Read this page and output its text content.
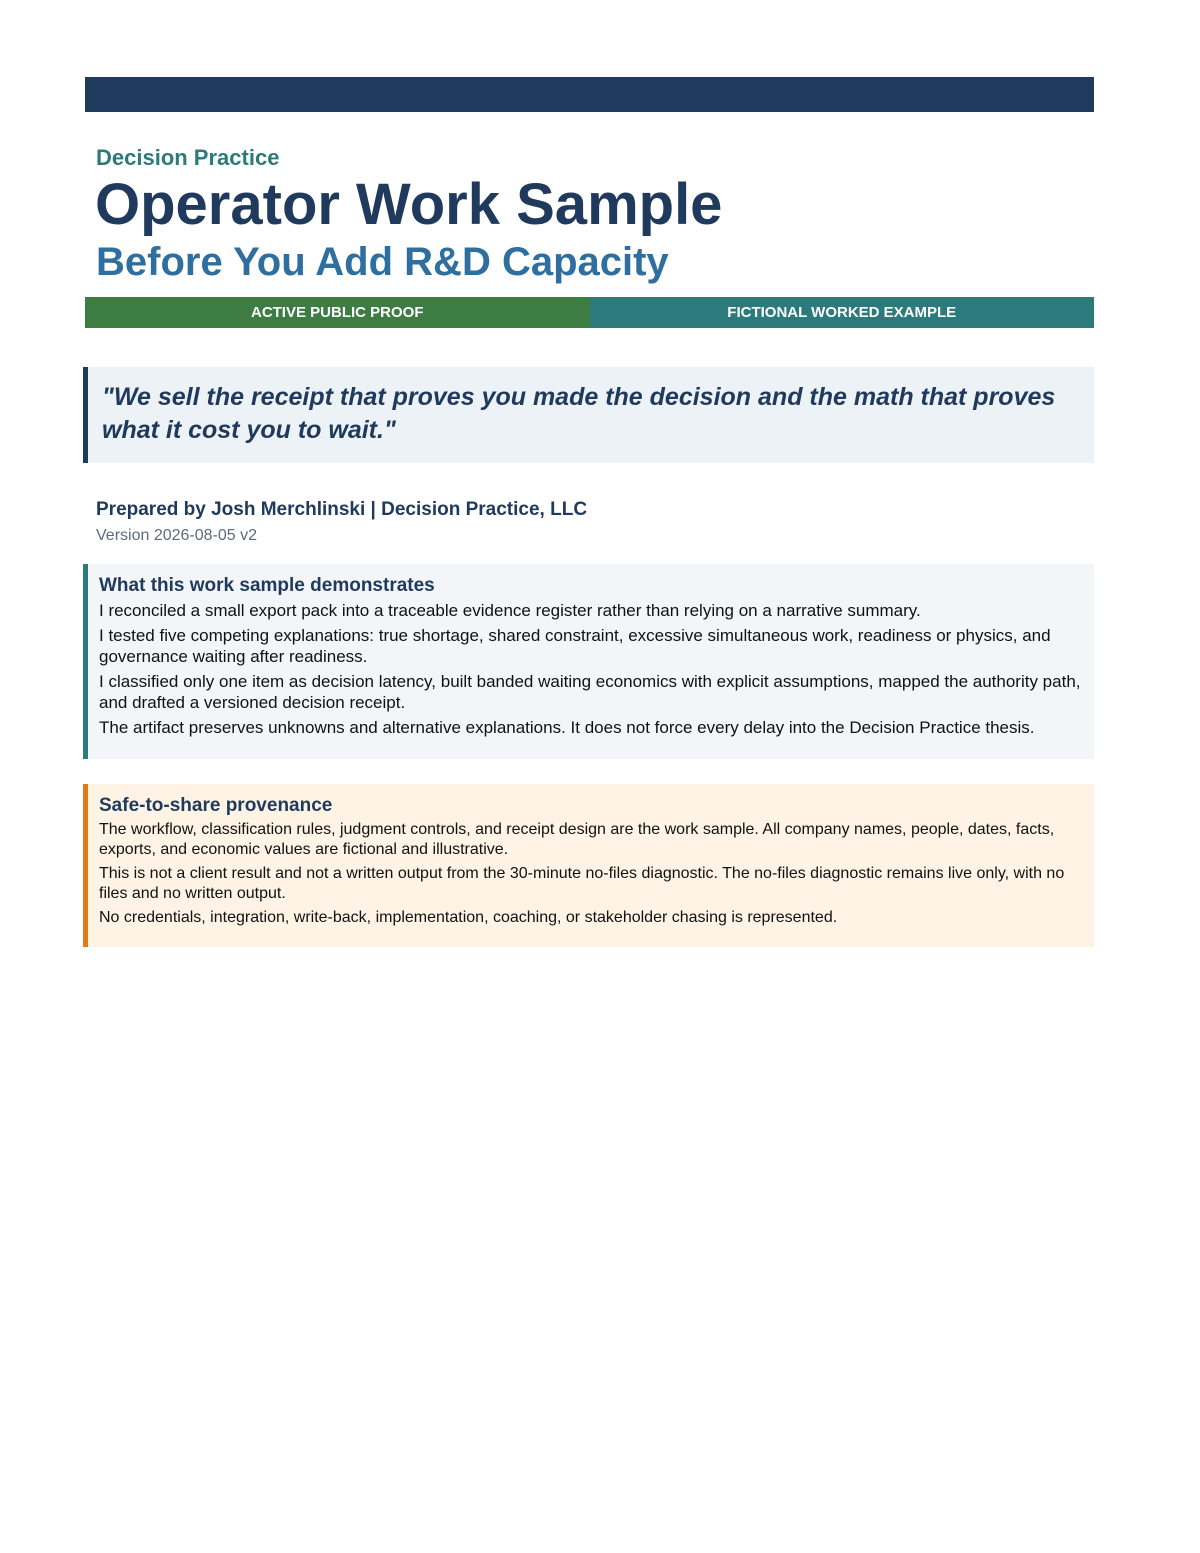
Decision Practice
Operator Work Sample
Before You Add R&D Capacity
ACTIVE PUBLIC PROOF	FICTIONAL WORKED EXAMPLE
"We sell the receipt that proves you made the decision and the math that proves what it cost you to wait."
Prepared by Josh Merchlinski | Decision Practice, LLC
Version 2026-08-05 v2
What this work sample demonstrates

I reconciled a small export pack into a traceable evidence register rather than relying on a narrative summary.

I tested five competing explanations: true shortage, shared constraint, excessive simultaneous work, readiness or physics, and governance waiting after readiness.

I classified only one item as decision latency, built banded waiting economics with explicit assumptions, mapped the authority path, and drafted a versioned decision receipt.

The artifact preserves unknowns and alternative explanations. It does not force every delay into the Decision Practice thesis.

Safe-to-share provenance

The workflow, classification rules, judgment controls, and receipt design are the work sample. All company names, people, dates, facts, exports, and economic values are fictional and illustrative.

This is not a client result and not a written output from the 30-minute no-files diagnostic. The no-files diagnostic remains live only, with no files and no written output.

No credentials, integration, write-back, implementation, coaching, or stakeholder chasing is represented.
